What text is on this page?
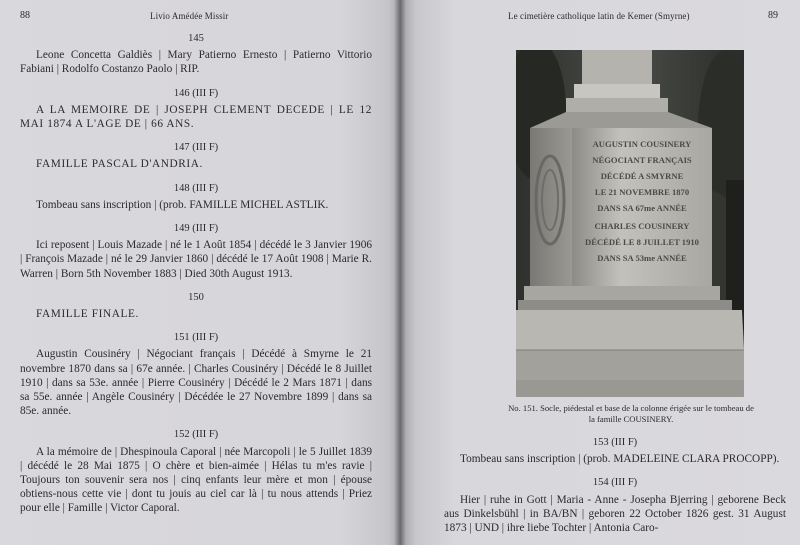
88	Livio Amédée Missir
145

Leone Concetta Galdiès | Mary Patierno Ernesto | Patierno Vittorio Fabiani | Rodolfo Costanzo Paolo | RIP.

146 (III F)

A LA MEMOIRE DE | JOSEPH CLEMENT DECEDE | LE 12 MAI 1874 A L'AGE DE | 66 ANS.

147 (III F)

FAMILLE PASCAL D'ANDRIA.

148 (III F)

Tombeau sans inscription | (prob. FAMILLE MICHEL ASTLIK.

149 (III F)

Ici reposent | Louis Mazade | né le 1 Août 1854 | décédé le 3 Janvier 1906 | François Mazade | né le 29 Janvier 1860 | décédé le 17 Août 1908 | Marie R. Warren | Born 5th November 1883 | Died 30th August 1913.

150

FAMILLE FINALE.

151 (III F)

Augustin Cousinéry | Négociant français | Décédé à Smyrne le 21 novembre 1870 dans sa | 67e année. | Charles Cousinéry | Décédé le 8 Juillet 1910 | dans sa 53e. année | Pierre Cousinéry | Décédé le 2 Mars 1871 | dans sa 55e. année | Angèle Cousinéry | Décédée le 27 Novembre 1899 | dans sa 85e. année.

152 (III F)

A la mémoire de | Dhespinoula Caporal | née Marcopoli | le 5 Juillet 1839 | décédé le 28 Mai 1875 | O chère et bien-aimée | Hélas tu m'es ravie | Toujours ton souvenir sera nos | cinq enfants leur mère et mon | épouse obtiens-nous cette vie | dont tu jouis au ciel car là | tu nous attends | Priez pour elle | Famille | Victor Caporal.

Le cimetière catholique latin de Kemer (Smyrne)	89
AUGUSTIN COUSINERY
NÉGOCIANT FRANÇAIS
DÉCÉDÉ A SMYRNE
LE 21 NOVEMBRE 1870
DANS SA 67me ANNÉE
CHARLES COUSINERY
DÉCÉDÉ LE 8 JUILLET 1910
DANS SA 53me ANNÉE
No. 151. Socle, piédestal et base de la colonne érigée sur le tombeau de la famille COUSINERY.
153 (III F)

Tombeau sans inscription | (prob. MADELEINE CLARA PROCOPP).

154 (III F)

Hier | ruhe in Gott | Maria - Anne - Josepha Bjerring | geborene Beck aus Dinkelsbühl | in BA/BN | geboren 22 October 1826 gest. 31 August 1873 | UND | ihre liebe Tochter | Antonia Caro-
